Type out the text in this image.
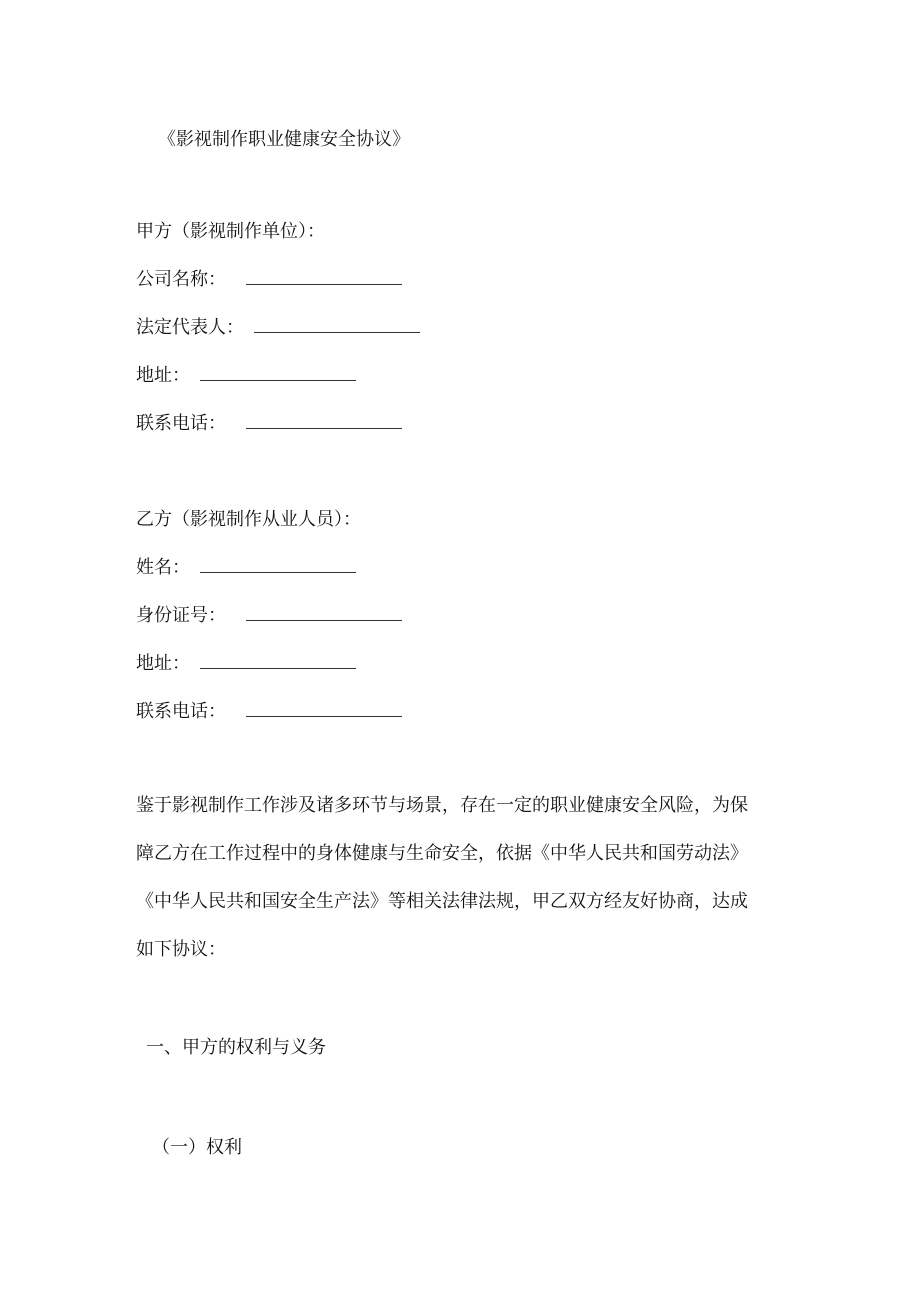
《影视制作职业健康安全协议》
甲方（影视制作单位）：
公司名称：
法定代表人：
地址：
联系电话：
乙方（影视制作从业人员）：
姓名：
身份证号：
地址：
联系电话：
鉴于影视制作工作涉及诸多环节与场景，存在一定的职业健康安全风险，为保
障乙方在工作过程中的身体健康与生命安全，依据《中华人民共和国劳动法》
《中华人民共和国安全生产法》等相关法律法规，甲乙双方经友好协商，达成
如下协议：
一、甲方的权利与义务
（一）权利
